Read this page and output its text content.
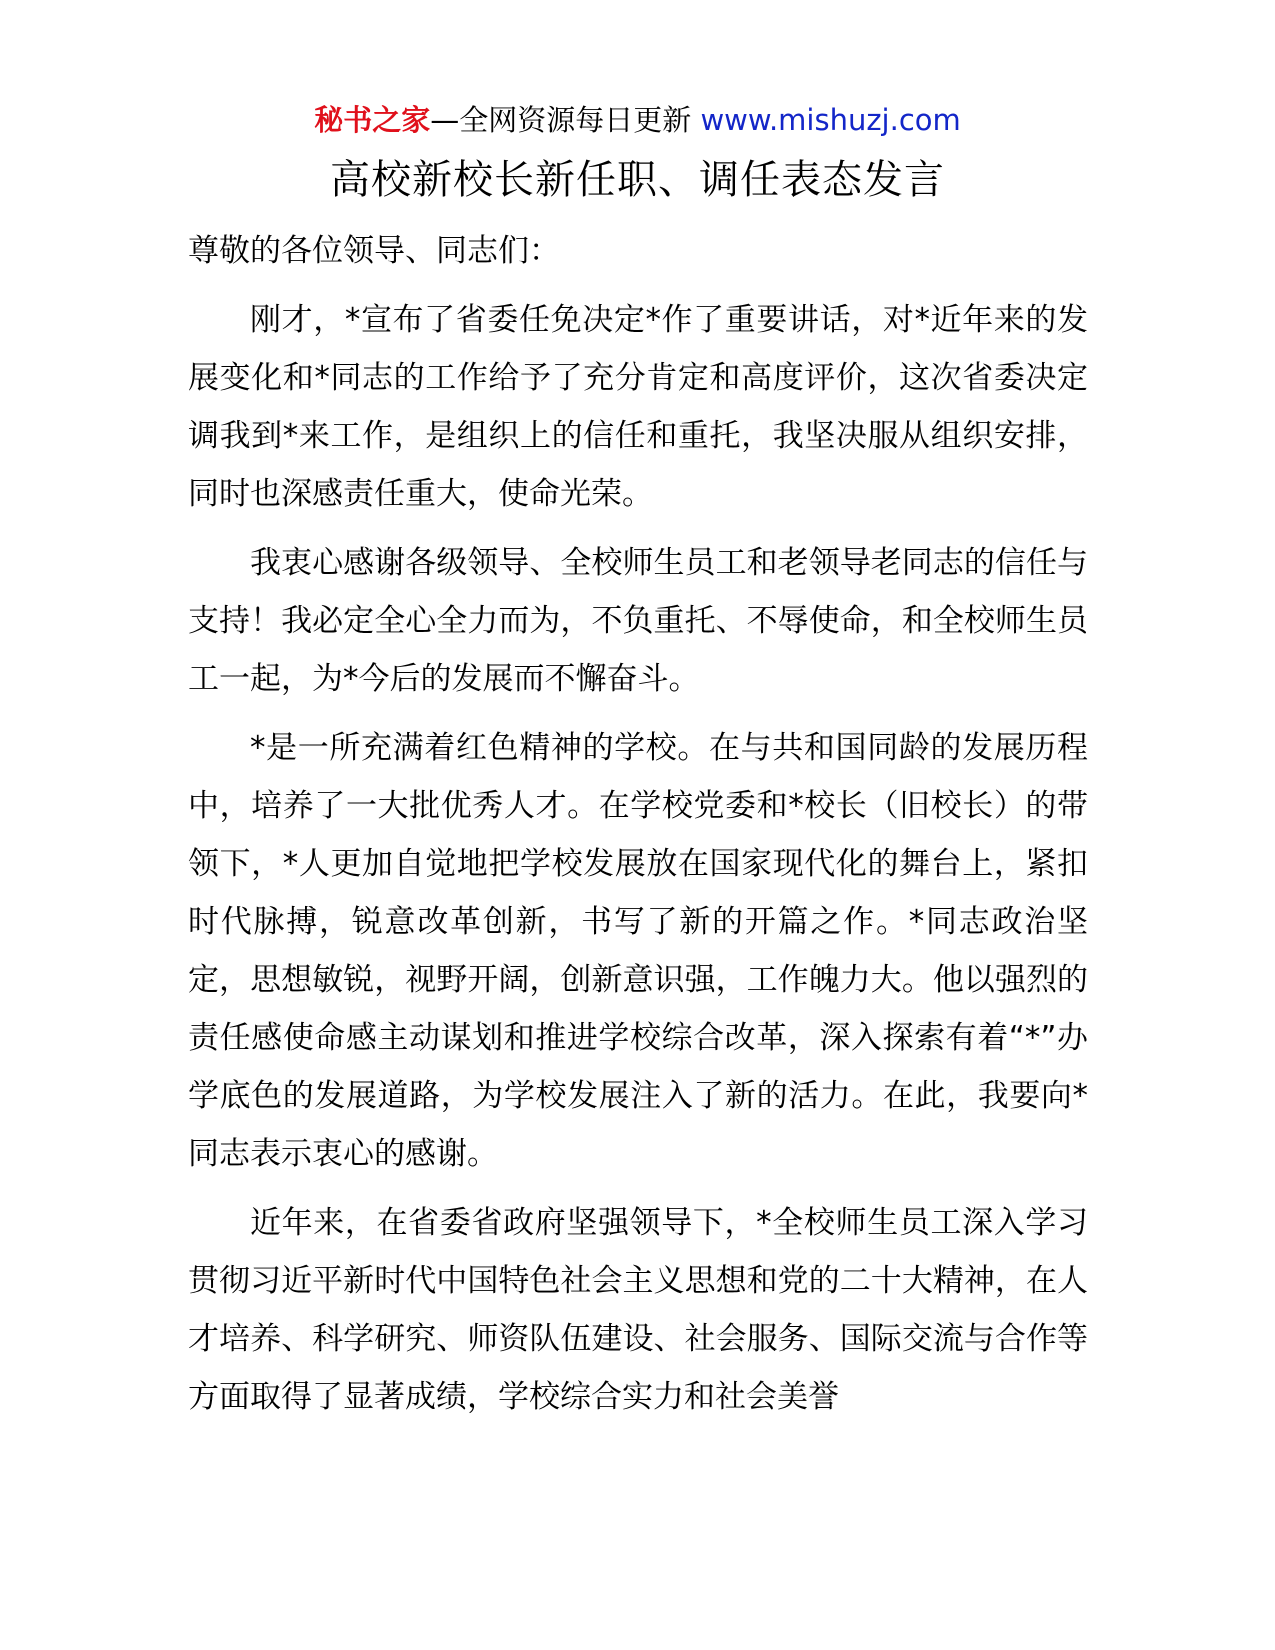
秘书之家—全网资源每日更新 www.mishuzj.com
高校新校长新任职、调任表态发言

尊敬的各位领导、同志们：

刚才，*宣布了省委任免决定*作了重要讲话，对*近年来的发展变化和*同志的工作给予了充分肯定和高度评价，这次省委决定调我到*来工作，是组织上的信任和重托，我坚决服从组织安排，同时也深感责任重大，使命光荣。

我衷心感谢各级领导、全校师生员工和老领导老同志的信任与支持！我必定全心全力而为，不负重托、不辱使命，和全校师生员工一起，为*今后的发展而不懈奋斗。

*是一所充满着红色精神的学校。在与共和国同龄的发展历程中，培养了一大批优秀人才。在学校党委和*校长（旧校长）的带领下，*人更加自觉地把学校发展放在国家现代化的舞台上，紧扣时代脉搏，锐意改革创新，书写了新的开篇之作。*同志政治坚定，思想敏锐，视野开阔，创新意识强，工作魄力大。他以强烈的责任感使命感主动谋划和推进学校综合改革，深入探索有着“*”办学底色的发展道路，为学校发展注入了新的活力。在此，我要向*同志表示衷心的感谢。

近年来，在省委省政府坚强领导下，*全校师生员工深入学习贯彻习近平新时代中国特色社会主义思想和党的二十大精神，在人才培养、科学研究、师资队伍建设、社会服务、国际交流与合作等方面取得了显著成绩，学校综合实力和社会美誉
